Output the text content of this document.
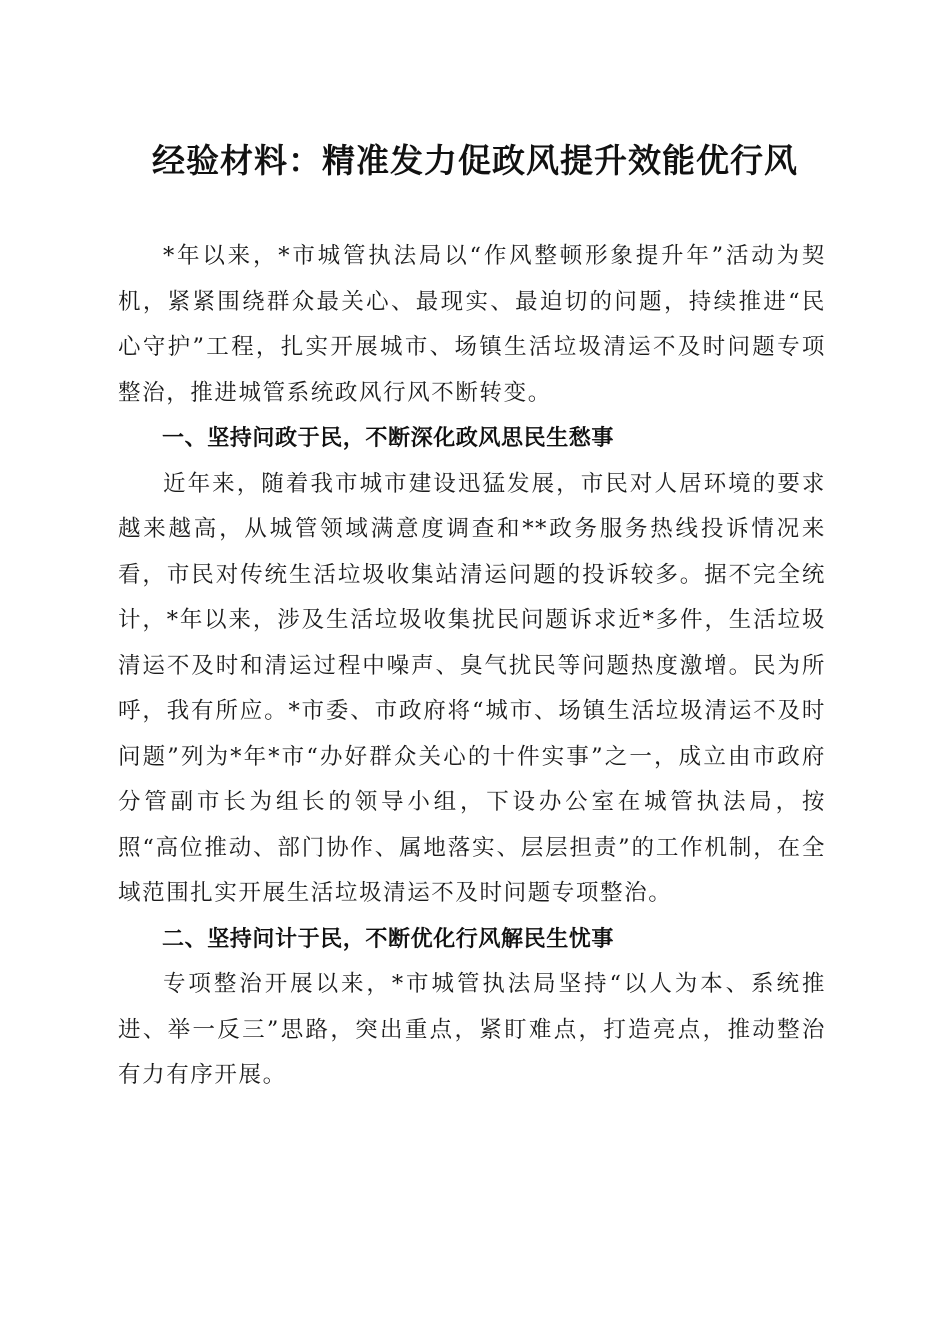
经验材料：精准发力促政风提升效能优行风

*年以来，*市城管执法局以“作风整顿形象提升年”活动为契机，紧紧围绕群众最关心、最现实、最迫切的问题，持续推进“民心守护”工程，扎实开展城市、场镇生活垃圾清运不及时问题专项整治，推进城管系统政风行风不断转变。

一、坚持问政于民，不断深化政风思民生愁事

近年来，随着我市城市建设迅猛发展，市民对人居环境的要求越来越高，从城管领域满意度调查和**政务服务热线投诉情况来看，市民对传统生活垃圾收集站清运问题的投诉较多。据不完全统计，*年以来，涉及生活垃圾收集扰民问题诉求近*多件，生活垃圾清运不及时和清运过程中噪声、臭气扰民等问题热度激增。民为所呼，我有所应。*市委、市政府将“城市、场镇生活垃圾清运不及时问题”列为*年*市“办好群众关心的十件实事”之一，成立由市政府分管副市长为组长的领导小组，下设办公室在城管执法局，按照“高位推动、部门协作、属地落实、层层担责”的工作机制，在全域范围扎实开展生活垃圾清运不及时问题专项整治。

二、坚持问计于民，不断优化行风解民生忧事

专项整治开展以来，*市城管执法局坚持“以人为本、系统推进、举一反三”思路，突出重点，紧盯难点，打造亮点，推动整治有力有序开展。
